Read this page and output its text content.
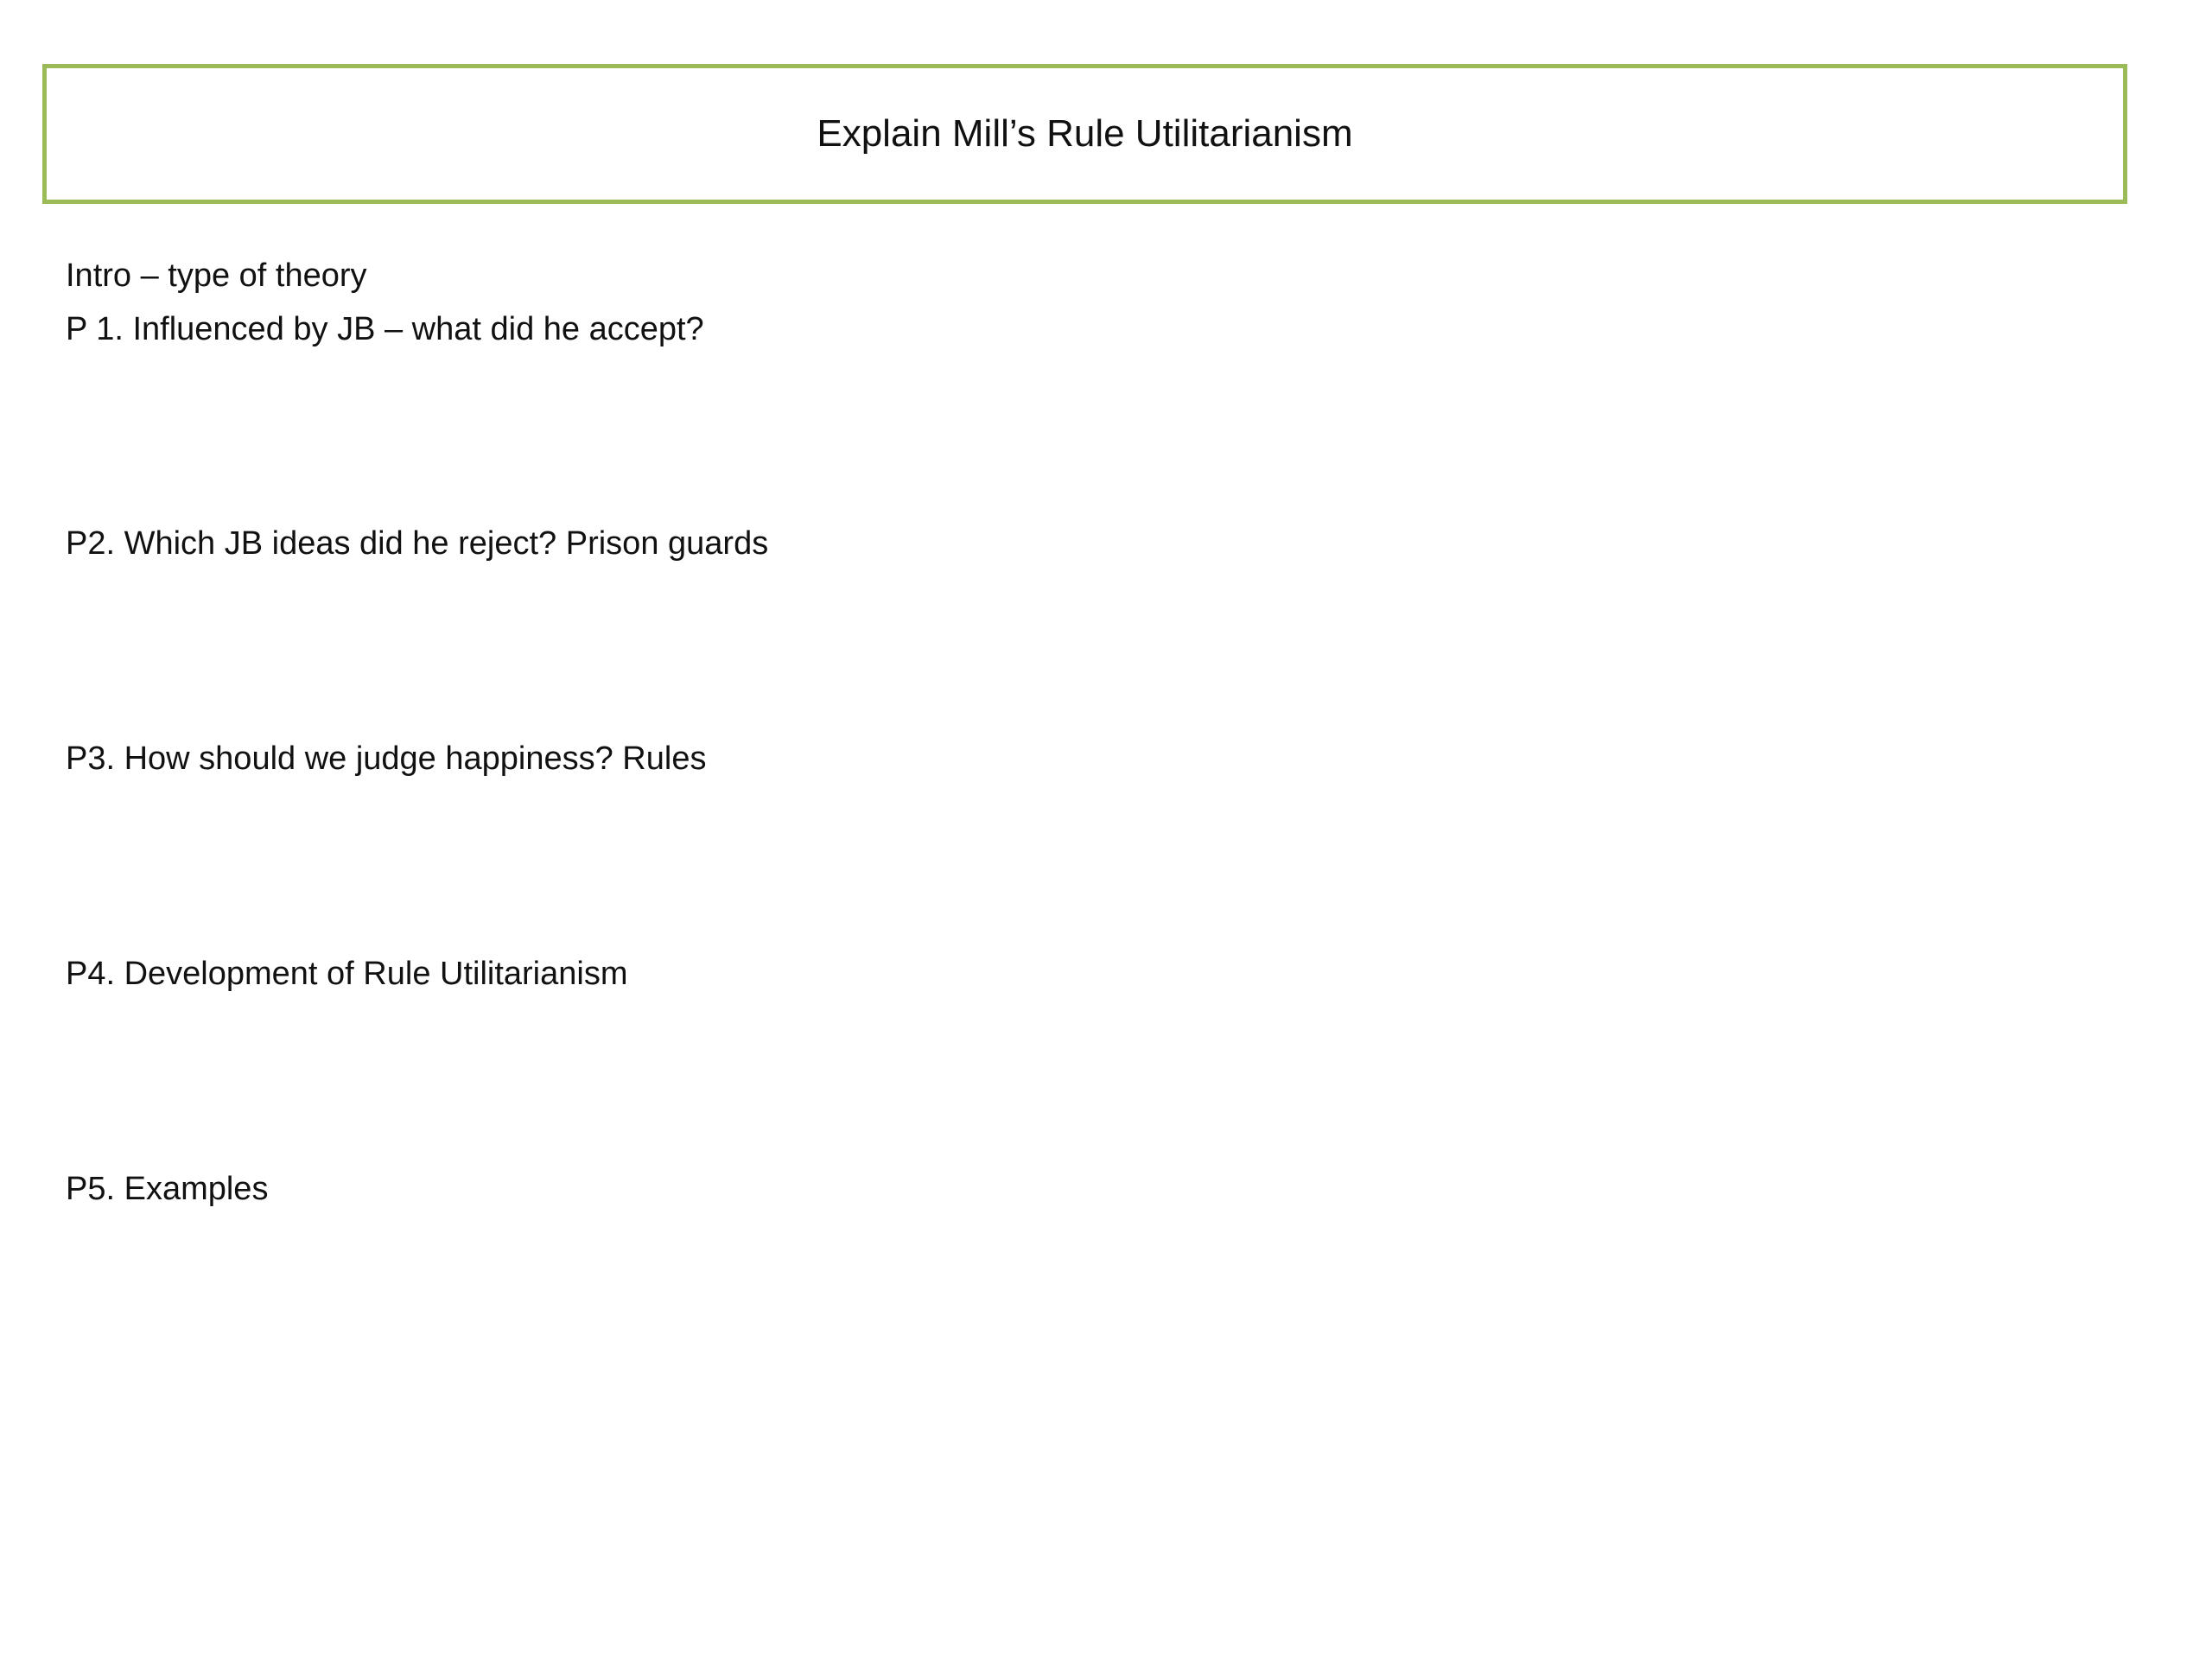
Explain Mill’s Rule Utilitarianism
Intro – type of theory
P 1. Influenced by JB – what did he accept?
P2. Which JB ideas did he reject? Prison guards
P3. How should we judge happiness? Rules
P4. Development of Rule Utilitarianism
P5. Examples
